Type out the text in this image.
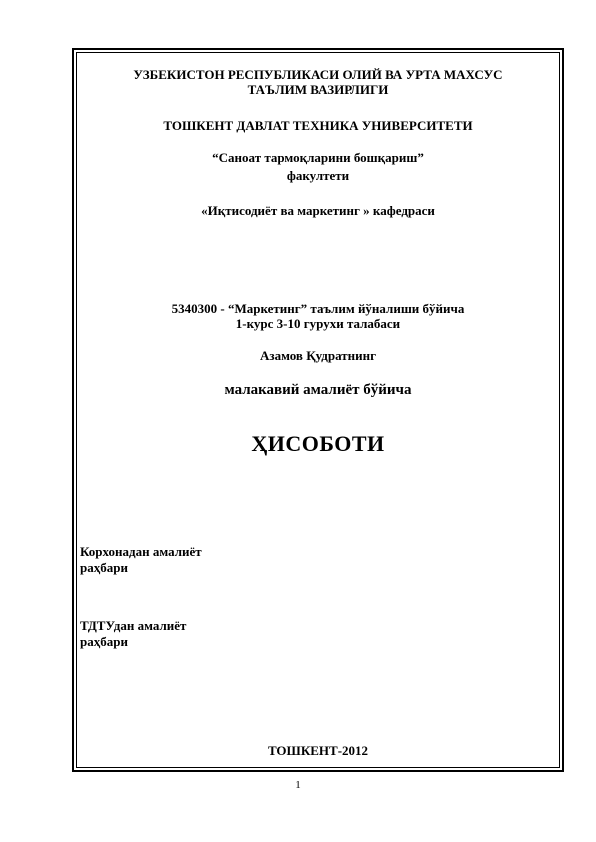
УЗБЕКИСТОН РЕСПУБЛИКАСИ ОЛИЙ ВА УРТА МАХСУС
ТАЪЛИМ ВАЗИРЛИГИ
ТОШКЕНТ ДАВЛАТ ТЕХНИКА УНИВЕРСИТЕТИ
“Саноат тармоқларини бошқариш”
факултети
«Иқтисодиёт ва маркетинг » кафедраси
5340300 - “Маркетинг” таълим йўналиши бўйича
1-курс 3-10 гурухи талабаси
Азамов Қудратнинг
малакавий амалиёт бўйича
ҲИСОБОТИ
Корхонадан амалиёт
раҳбари
ТДТУдан амалиёт
раҳбари
ТОШКЕНТ-2012
1
